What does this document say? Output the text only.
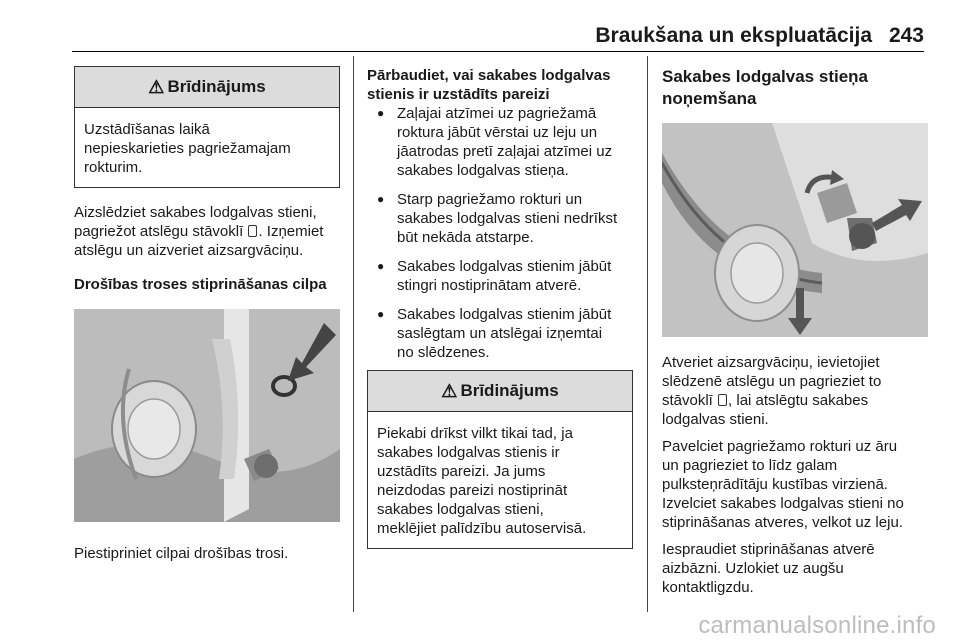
Braukšana un ekspluatācija 243
⚠ Brīdinājums

Uzstādīšanas laikā

nepieskarieties pagriežamajam

rokturim.

Aizslēdziet sakabes lodgalvas stieni,

pagriežot atslēgu stāvoklī . Izņemiet

atslēgu un aizveriet aizsargvāciņu.

Drošības troses stiprināšanas cilpa

Piestipriniet cilpai drošības trosi.

Pārbaudiet, vai sakabes lodgalvas
stienis ir uzstādīts pareizi
● Zaļajai atzīmei uz pagriežamā
roktura jābūt vērstai uz leju un
jāatrodas pretī zaļajai atzīmei uz
sakabes lodgalvas stieņa.
● Starp pagriežamo rokturi un
sakabes lodgalvas stieni nedrīkst
būt nekāda atstarpe.
● Sakabes lodgalvas stienim jābūt
stingri nostiprinātam atverē.
● Sakabes lodgalvas stienim jābūt
saslēgtam un atslēgai izņemtai
no slēdzenes.
⚠ Brīdinājums

Piekabi drīkst vilkt tikai tad, ja

sakabes lodgalvas stienis ir

uzstādīts pareizi. Ja jums

neizdodas pareizi nostiprināt

sakabes lodgalvas stieni,

meklējiet palīdzību autoservisā.

Sakabes lodgalvas stieņa
noņemšana

Atveriet aizsargvāciņu, ievietojiet

slēdzenē atslēgu un pagrieziet to

stāvoklī , lai atslēgtu sakabes

lodgalvas stieni.

Pavelciet pagriežamo rokturi uz āru

un pagrieziet to līdz galam

pulksteņrādītāju kustības virzienā.

Izvelciet sakabes lodgalvas stieni no

stiprināšanas atveres, velkot uz leju.

Iespraudiet stiprināšanas atverē

aizbāzni. Uzlokiet uz augšu

kontaktligzdu.

carmanualsonline.info
